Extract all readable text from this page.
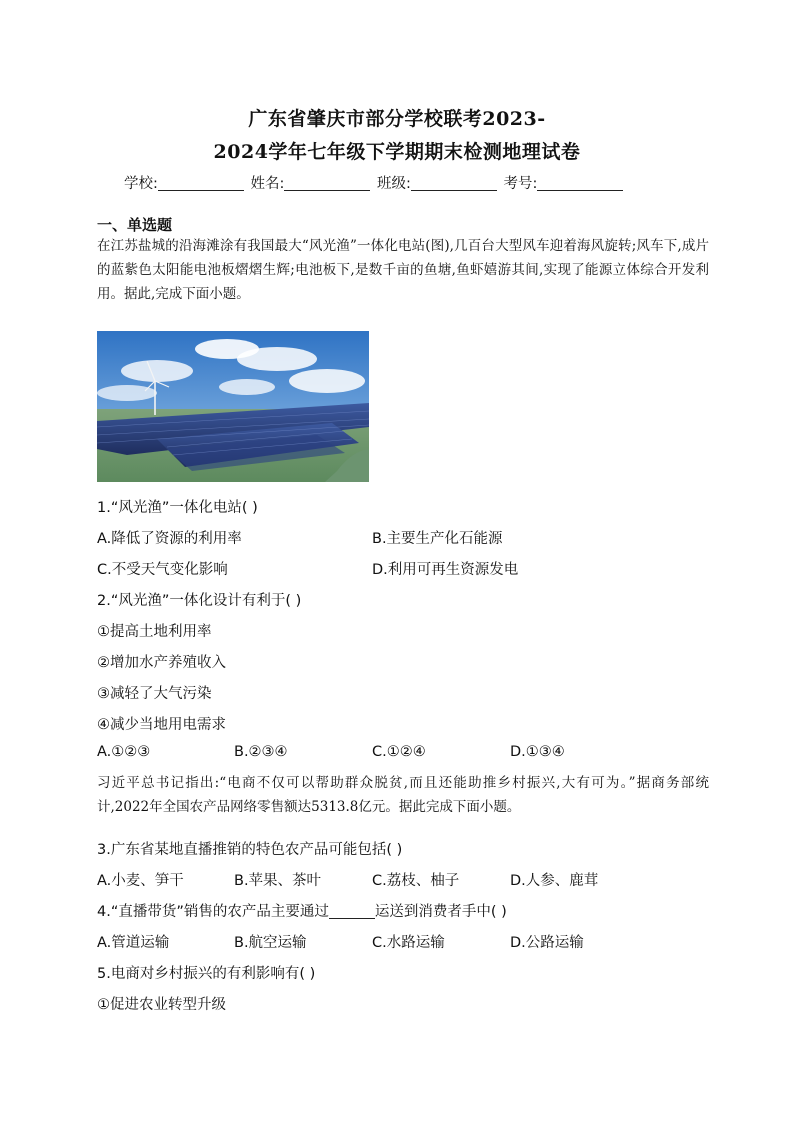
广东省肇庆市部分学校联考2023-
2024学年七年级下学期期末检测地理试卷
学校:	姓名:	班级:	考号:
一、单选题
在江苏盐城的沿海滩涂有我国最大“风光渔”一体化电站(图),几百台大型风车迎着海风旋转;风车下,成片的蓝紫色太阳能电池板熠熠生辉;电池板下,是数千亩的鱼塘,鱼虾嬉游其间,实现了能源立体综合开发利用。据此,完成下面小题。
1.“风光渔”一体化电站( )
A.降低了资源的利用率	B.主要生产化石能源
C.不受天气变化影响	D.利用可再生资源发电
2.“风光渔”一体化设计有利于( )
①提高土地利用率
②增加水产养殖收入
③减轻了大气污染
④减少当地用电需求
A.①②③	B.②③④	C.①②④	D.①③④
习近平总书记指出:“电商不仅可以帮助群众脱贫,而且还能助推乡村振兴,大有可为。”据商务部统计,2022年全国农产品网络零售额达5313.8亿元。据此完成下面小题。
3.广东省某地直播推销的特色农产品可能包括( )
A.小麦、笋干	B.苹果、茶叶	C.荔枝、柚子	D.人参、鹿茸
4.“直播带货”销售的农产品主要通过	运送到消费者手中( )
A.管道运输	B.航空运输	C.水路运输	D.公路运输
5.电商对乡村振兴的有利影响有( )
①促进农业转型升级
